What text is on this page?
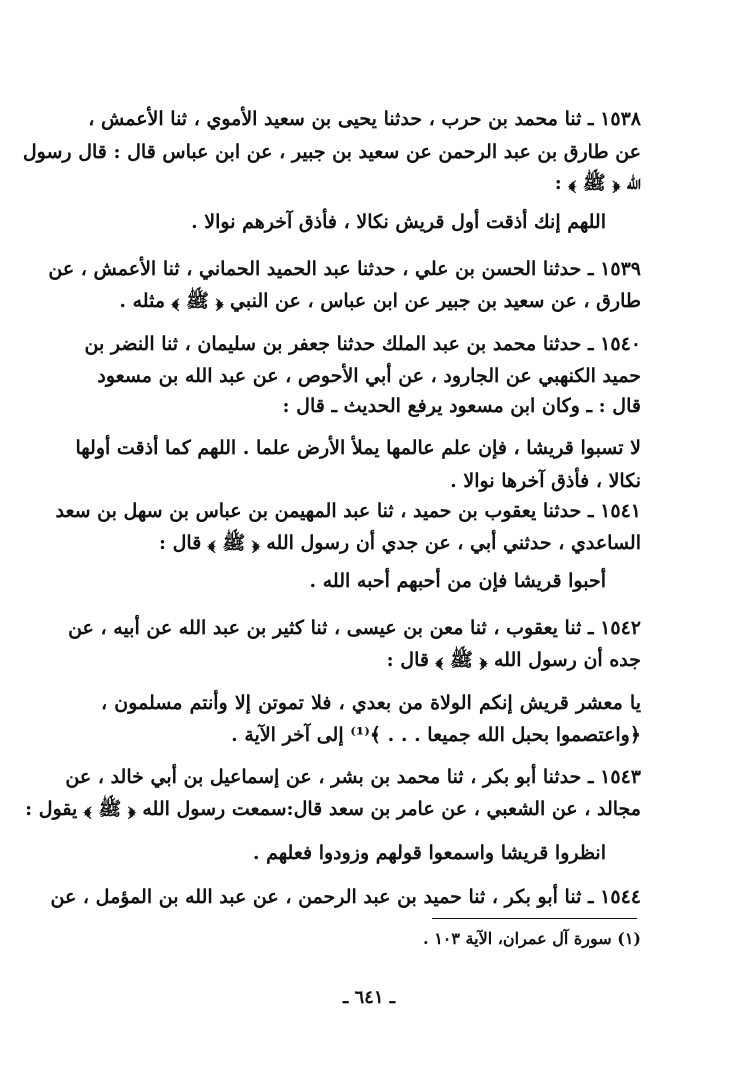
١٥٣٨ ـ ثنا محمد بن حرب ، حدثنا يحيى بن سعيد الأموي ، ثنا الأعمش ،
عن طارق بن عبد الرحمن عن سعيد بن جبير ، عن ابن عباس قال : قال رسول
الله ﴿ ﷺ ﴾ :
اللهم إنك أذقت أول قريش نكالا ، فأذق آخرهم نوالا .
١٥٣٩ ـ حدثنا الحسن بن علي ، حدثنا عبد الحميد الحماني ، ثنا الأعمش ، عن
طارق ، عن سعيد بن جبير عن ابن عباس ، عن النبي ﴿ ﷺ ﴾ مثله .
١٥٤٠ ـ حدثنا محمد بن عبد الملك حدثنا جعفر بن سليمان ، ثنا النضر بن
حميد الكنهبي عن الجارود ، عن أبي الأحوص ، عن عبد الله بن مسعود
قال : ـ وكان ابن مسعود يرفع الحديث ـ قال :
لا تسبوا قريشا ، فإن علم عالمها يملأ الأرض علما . اللهم كما أذقت أولها
نكالا ، فأذق آخرها نوالا .
١٥٤١ ـ حدثنا يعقوب بن حميد ، ثنا عبد المهيمن بن عباس بن سهل بن سعد
الساعدي ، حدثني أبي ، عن جدي أن رسول الله ﴿ ﷺ ﴾ قال :
أحبوا قريشا فإن من أحبهم أحبه الله .
١٥٤٢ ـ ثنا يعقوب ، ثنا معن بن عيسى ، ثنا كثير بن عبد الله عن أبيه ، عن
جده أن رسول الله ﴿ ﷺ ﴾ قال :
يا معشر قريش إنكم الولاة من بعدي ، فلا تموتن إلا وأنتم مسلمون ،
﴿واعتصموا بحبل الله جميعا . . . ﴾⁽¹⁾ إلى آخر الآية .
١٥٤٣ ـ حدثنا أبو بكر ، ثنا محمد بن بشر ، عن إسماعيل بن أبي خالد ، عن
مجالد ، عن الشعبي ، عن عامر بن سعد قال:سمعت رسول الله ﴿ ﷺ ﴾ يقول :
انظروا قريشا واسمعوا قولهم وزودوا فعلهم .
١٥٤٤ ـ ثنا أبو بكر ، ثنا حميد بن عبد الرحمن ، عن عبد الله بن المؤمل ، عن
(١) سورة آل عمران، الآية ١٠٣ .
ـ ٦٤١ ـ
